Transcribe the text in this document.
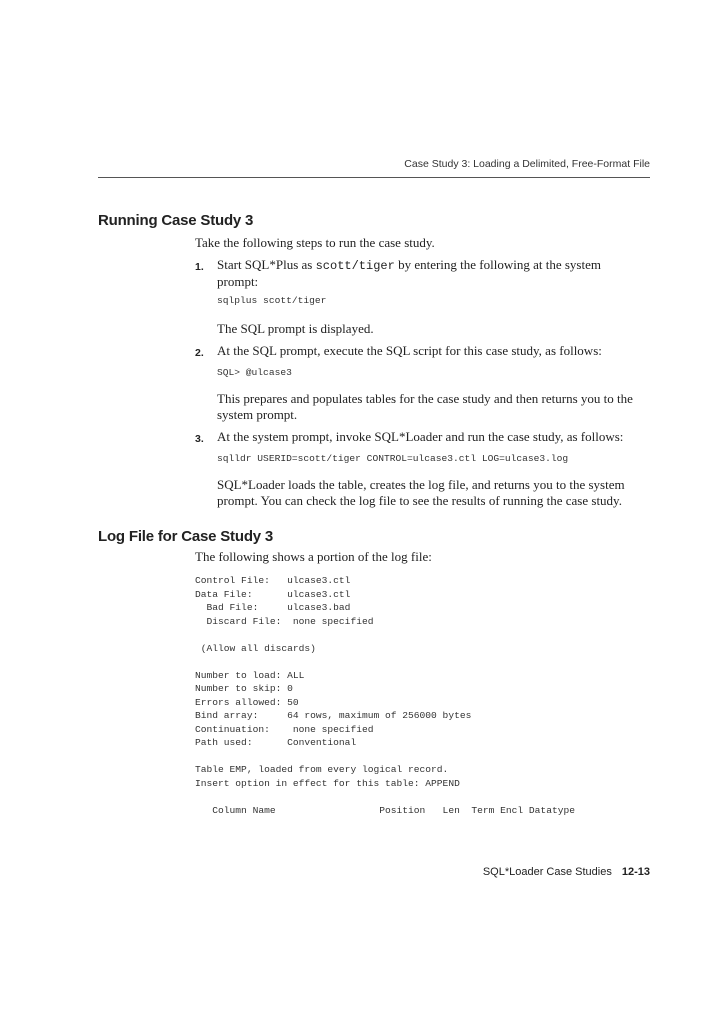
Case Study 3: Loading a Delimited, Free-Format File
Running Case Study 3
Take the following steps to run the case study.
1. Start SQL*Plus as scott/tiger by entering the following at the system prompt:
sqlplus scott/tiger
The SQL prompt is displayed.
2. At the SQL prompt, execute the SQL script for this case study, as follows:
SQL> @ulcase3
This prepares and populates tables for the case study and then returns you to the system prompt.
3. At the system prompt, invoke SQL*Loader and run the case study, as follows:
sqlldr USERID=scott/tiger CONTROL=ulcase3.ctl LOG=ulcase3.log
SQL*Loader loads the table, creates the log file, and returns you to the system prompt. You can check the log file to see the results of running the case study.
Log File for Case Study 3
The following shows a portion of the log file:
Control File:   ulcase3.ctl
Data File:      ulcase3.ctl
Bad File:     ulcase3.bad
Discard File:  none specified

(Allow all discards)

Number to load: ALL
Number to skip: 0
Errors allowed: 50
Bind array:     64 rows, maximum of 256000 bytes
Continuation:    none specified
Path used:      Conventional

Table EMP, loaded from every logical record.
Insert option in effect for this table: APPEND

Column Name                  Position   Len  Term Encl Datatype
SQL*Loader Case Studies 12-13
